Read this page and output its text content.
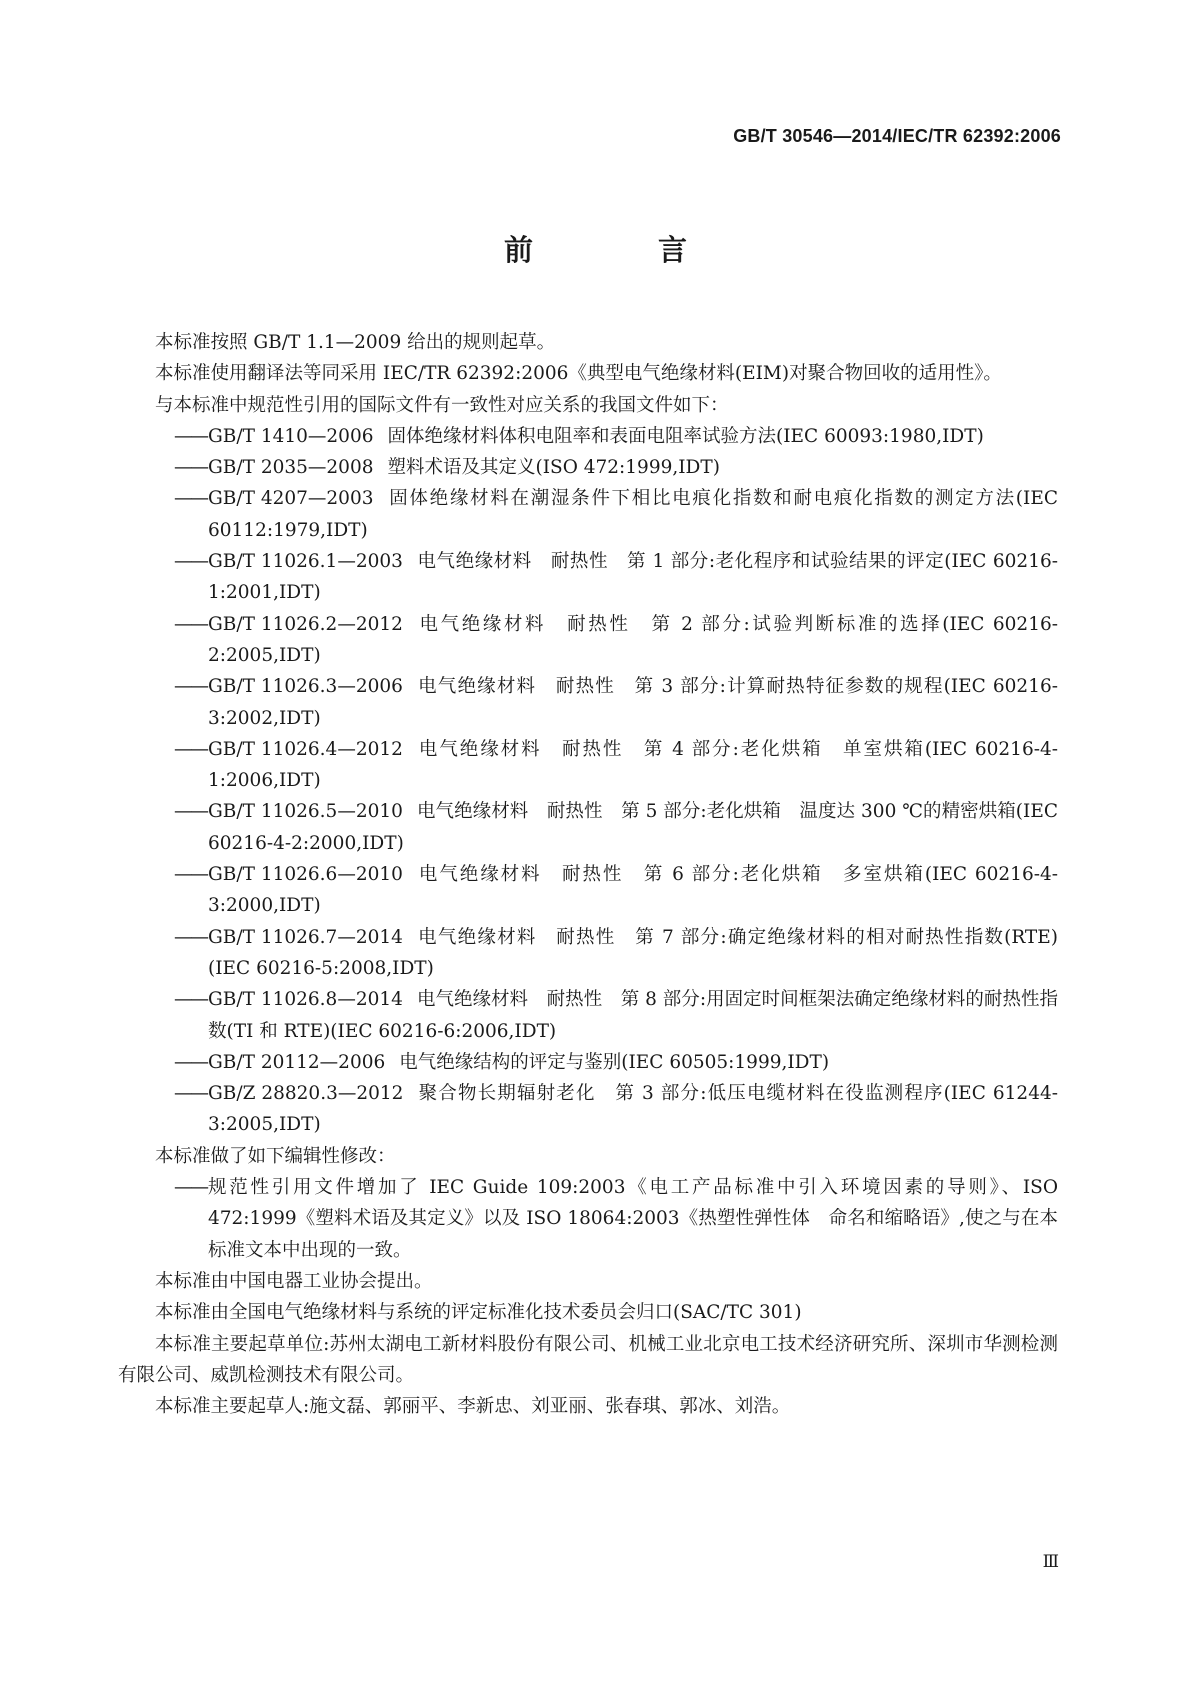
GB/T 30546—2014/IEC/TR 62392:2006
前　言

本标准按照 GB/T 1.1—2009 给出的规则起草。

本标准使用翻译法等同采用 IEC/TR 62392:2006《典型电气绝缘材料(EIM)对聚合物回收的适用性》。

与本标准中规范性引用的国际文件有一致性对应关系的我国文件如下：

—— GB/T 1410—2006 固体绝缘材料体积电阻率和表面电阻率试验方法(IEC 60093:1980,IDT)
—— GB/T 2035—2008 塑料术语及其定义(ISO 472:1999,IDT)
—— GB/T 4207—2003 固体绝缘材料在潮湿条件下相比电痕化指数和耐电痕化指数的测定方法(IEC 60112:1979,IDT)
—— GB/T 11026.1—2003 电气绝缘材料　耐热性　第 1 部分:老化程序和试验结果的评定(IEC 60216-1:2001,IDT)
—— GB/T 11026.2—2012 电气绝缘材料　耐热性　第 2 部分:试验判断标准的选择(IEC 60216-2:2005,IDT)
—— GB/T 11026.3—2006 电气绝缘材料　耐热性　第 3 部分:计算耐热特征参数的规程(IEC 60216-3:2002,IDT)
—— GB/T 11026.4—2012 电气绝缘材料　耐热性　第 4 部分:老化烘箱　单室烘箱(IEC 60216-4-1:2006,IDT)
—— GB/T 11026.5—2010 电气绝缘材料　耐热性　第 5 部分:老化烘箱　温度达 300 ℃的精密烘箱(IEC 60216-4-2:2000,IDT)
—— GB/T 11026.6—2010 电气绝缘材料　耐热性　第 6 部分:老化烘箱　多室烘箱(IEC 60216-4-3:2000,IDT)
—— GB/T 11026.7—2014 电气绝缘材料　耐热性　第 7 部分:确定绝缘材料的相对耐热性指数(RTE)(IEC 60216-5:2008,IDT)
—— GB/T 11026.8—2014 电气绝缘材料　耐热性　第 8 部分:用固定时间框架法确定绝缘材料的耐热性指数(TI 和 RTE)(IEC 60216-6:2006,IDT)
—— GB/T 20112—2006 电气绝缘结构的评定与鉴别(IEC 60505:1999,IDT)
—— GB/Z 28820.3—2012 聚合物长期辐射老化　第 3 部分:低压电缆材料在役监测程序(IEC 61244-3:2005,IDT)

本标准做了如下编辑性修改：

—— 规范性引用文件增加了 IEC Guide 109:2003《电工产品标准中引入环境因素的导则》、ISO 472:1999《塑料术语及其定义》以及 ISO 18064:2003《热塑性弹性体　命名和缩略语》,使之与在本标准文本中出现的一致。

本标准由中国电器工业协会提出。

本标准由全国电气绝缘材料与系统的评定标准化技术委员会归口(SAC/TC 301)

本标准主要起草单位:苏州太湖电工新材料股份有限公司、机械工业北京电工技术经济研究所、深圳市华测检测有限公司、威凯检测技术有限公司。

本标准主要起草人:施文磊、郭丽平、李新忠、刘亚丽、张春琪、郭冰、刘浩。

Ⅲ
